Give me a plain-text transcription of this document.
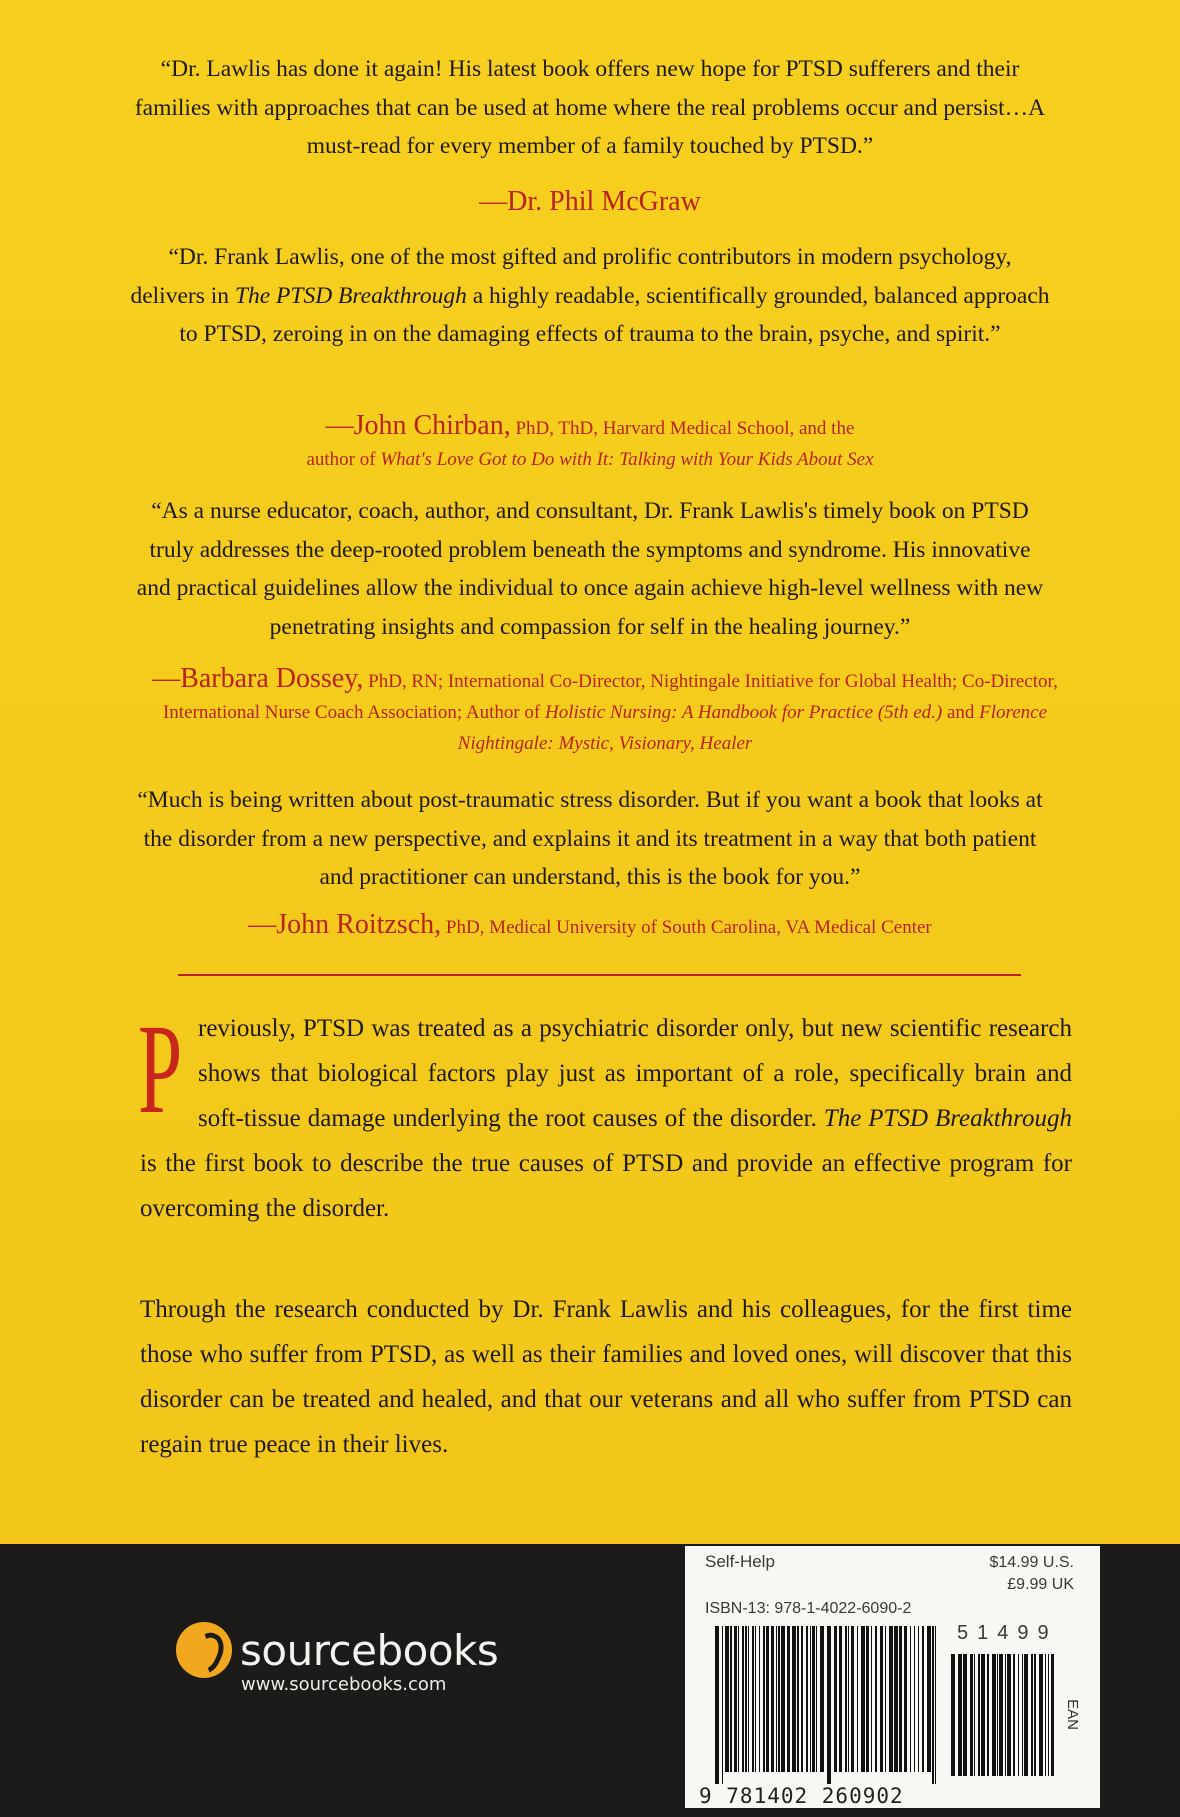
“Dr. Lawlis has done it again! His latest book offers new hope for PTSD sufferers and their families with approaches that can be used at home where the real problems occur and persist…A must-read for every member of a family touched by PTSD.”
—Dr. Phil McGraw
“Dr. Frank Lawlis, one of the most gifted and prolific contributors in modern psychology, delivers in The PTSD Breakthrough a highly readable, scientifically grounded, balanced approach to PTSD, zeroing in on the damaging effects of trauma to the brain, psyche, and spirit.”
—John Chirban, PhD, ThD, Harvard Medical School, and the
author of What's Love Got to Do with It: Talking with Your Kids About Sex
“As a nurse educator, coach, author, and consultant, Dr. Frank Lawlis's timely book on PTSD truly addresses the deep-rooted problem beneath the symptoms and syndrome. His innovative and practical guidelines allow the individual to once again achieve high-level wellness with new penetrating insights and compassion for self in the healing journey.”
—Barbara Dossey, PhD, RN; International Co-Director, Nightingale Initiative for Global Health; Co-Director, International Nurse Coach Association; Author of Holistic Nursing: A Handbook for Practice (5th ed.) and Florence Nightingale: Mystic, Visionary, Healer
“Much is being written about post-traumatic stress disorder. But if you want a book that looks at the disorder from a new perspective, and explains it and its treatment in a way that both patient and practitioner can understand, this is the book for you.”
—John Roitzsch, PhD, Medical University of South Carolina, VA Medical Center
Previously, PTSD was treated as a psychiatric disorder only, but new scientific research shows that biological factors play just as important of a role, specifically brain and soft-tissue damage underlying the root causes of the disorder. The PTSD Breakthrough is the first book to describe the true causes of PTSD and provide an effective program for overcoming the disorder.
Through the research conducted by Dr. Frank Lawlis and his colleagues, for the first time those who suffer from PTSD, as well as their families and loved ones, will discover that this disorder can be treated and healed, and that our veterans and all who suffer from PTSD can regain true peace in their lives.
sourcebooks
www.sourcebooks.com
Self-Help	$14.99 U.S.
£9.99 UK
ISBN-13: 978-1-4022-6090-2
51499
9 781402 260902
EAN
